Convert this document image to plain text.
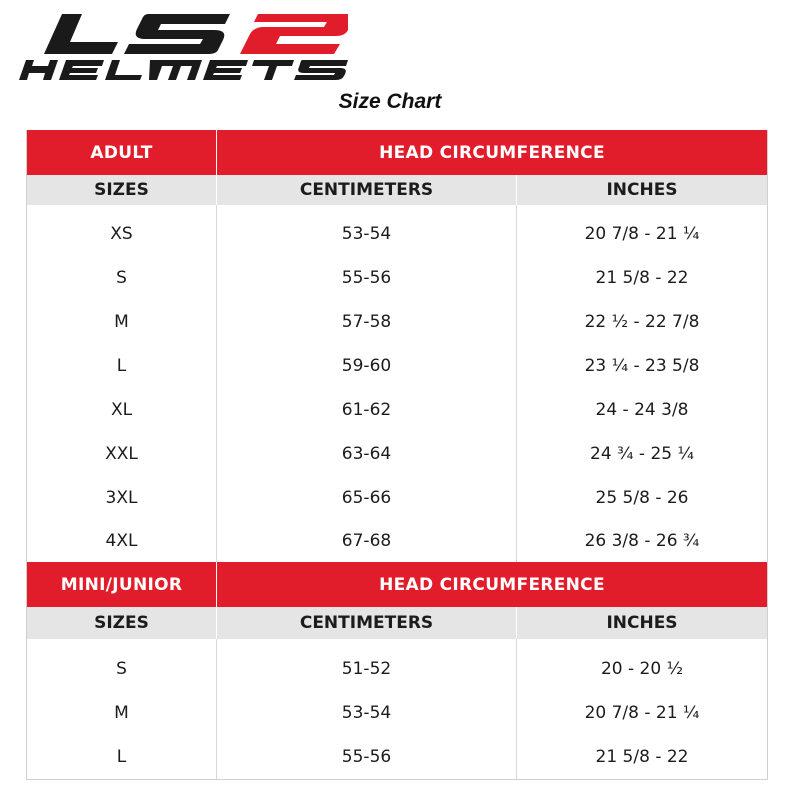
Size Chart
ADULT	HEAD CIRCUMFERENCE
SIZES	CENTIMETERS	INCHES
XS	53-54	20 7/8 - 21 ¼
S	55-56	21 5/8 - 22
M	57-58	22 ½ - 22 7/8
L	59-60	23 ¼ - 23 5/8
XL	61-62	24 - 24 3/8
XXL	63-64	24 ¾ - 25 ¼
3XL	65-66	25 5/8 - 26
4XL	67-68	26 3/8 - 26 ¾
MINI/JUNIOR	HEAD CIRCUMFERENCE
SIZES	CENTIMETERS	INCHES
S	51-52	20 - 20 ½
M	53-54	20 7/8 - 21 ¼
L	55-56	21 5/8 - 22
